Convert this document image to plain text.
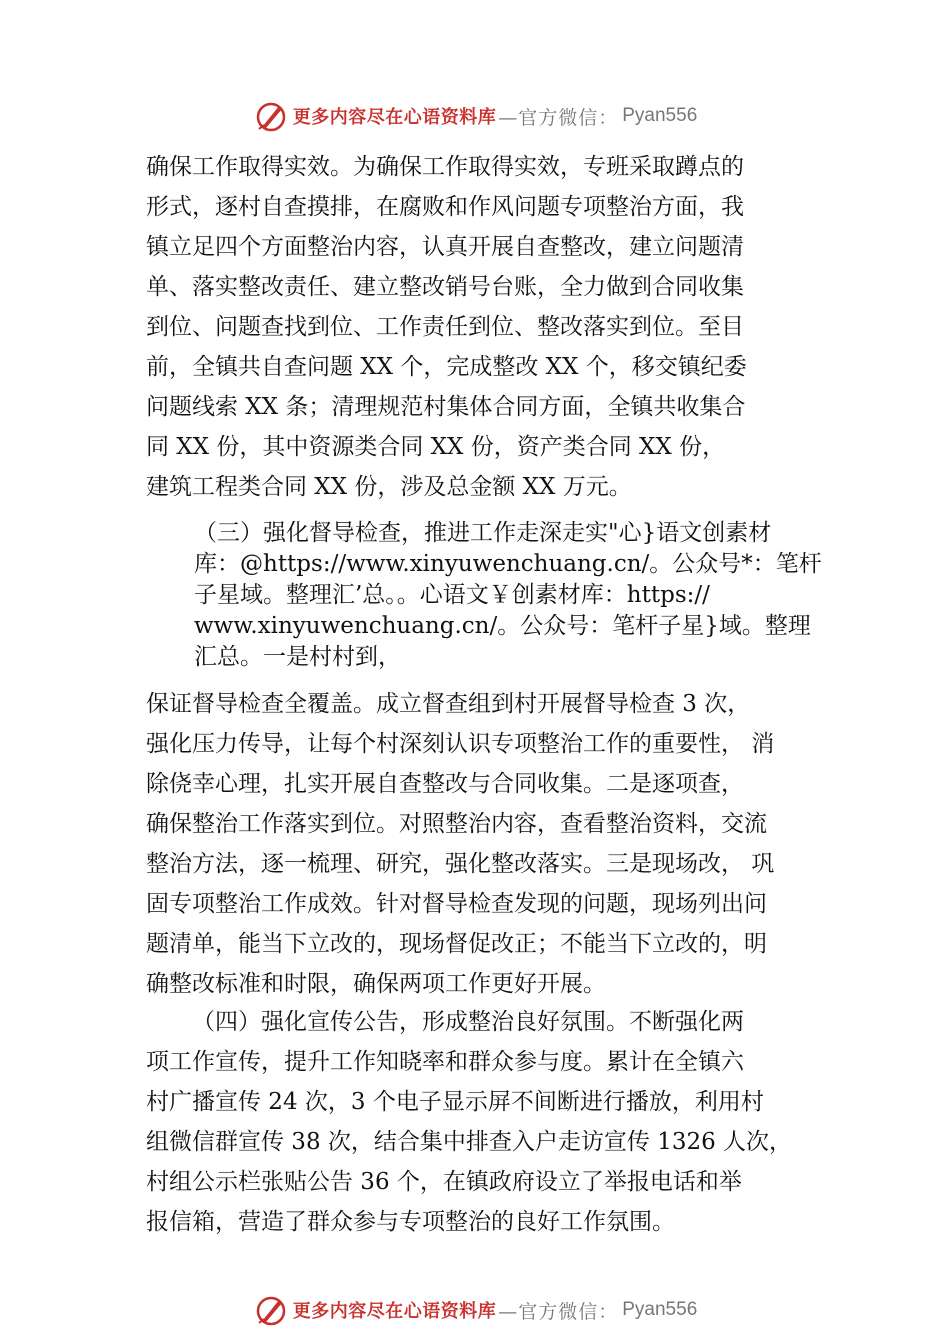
更多内容尽在心语资料库 —官方微信： Pyan556
确保工作取得实效。为确保工作取得实效，专班采取蹲点的
形式，逐村自查摸排，在腐败和作风问题专项整治方面，我
镇立足四个方面整治内容，认真开展自查整改，建立问题清
单、落实整改责任、建立整改销号台账，全力做到合同收集
到位、问题查找到位、工作责任到位、整改落实到位。至目
前，全镇共自查问题 XX 个，完成整改 XX 个，移交镇纪委
问题线索 XX 条；清理规范村集体合同方面，全镇共收集合
同 XX 份，其中资源类合同 XX 份，资产类合同 XX 份，
建筑工程类合同 XX 份，涉及总金额 XX 万元。
（三）强化督导检查，推进工作走深走实"心}语文创素材
库：@https://www.xinyuwenchuang.cn/。公众号*：笔杆
子星域。整理汇’总。。心语文￥创素材库：https://
www.xinyuwenchuang.cn/。公众号：笔杆子星}域。整理
汇总。一是村村到，
保证督导检查全覆盖。成立督查组到村开展督导检查 3 次，
强化压力传导，让每个村深刻认识专项整治工作的重要性， 消
除侥幸心理，扎实开展自查整改与合同收集。二是逐项查，
确保整治工作落实到位。对照整治内容，查看整治资料，交流
整治方法，逐一梳理、研究，强化整改落实。三是现场改， 巩
固专项整治工作成效。针对督导检查发现的问题，现场列出问
题清单，能当下立改的，现场督促改正；不能当下立改的，明
确整改标准和时限，确保两项工作更好开展。
（四）强化宣传公告，形成整治良好氛围。不断强化两
项工作宣传，提升工作知晓率和群众参与度。累计在全镇六
村广播宣传 24 次，3 个电子显示屏不间断进行播放，利用村
组微信群宣传 38 次，结合集中排查入户走访宣传 1326 人次，
村组公示栏张贴公告 36 个，在镇政府设立了举报电话和举
报信箱，营造了群众参与专项整治的良好工作氛围。
更多内容尽在心语资料库 —官方微信： Pyan556
